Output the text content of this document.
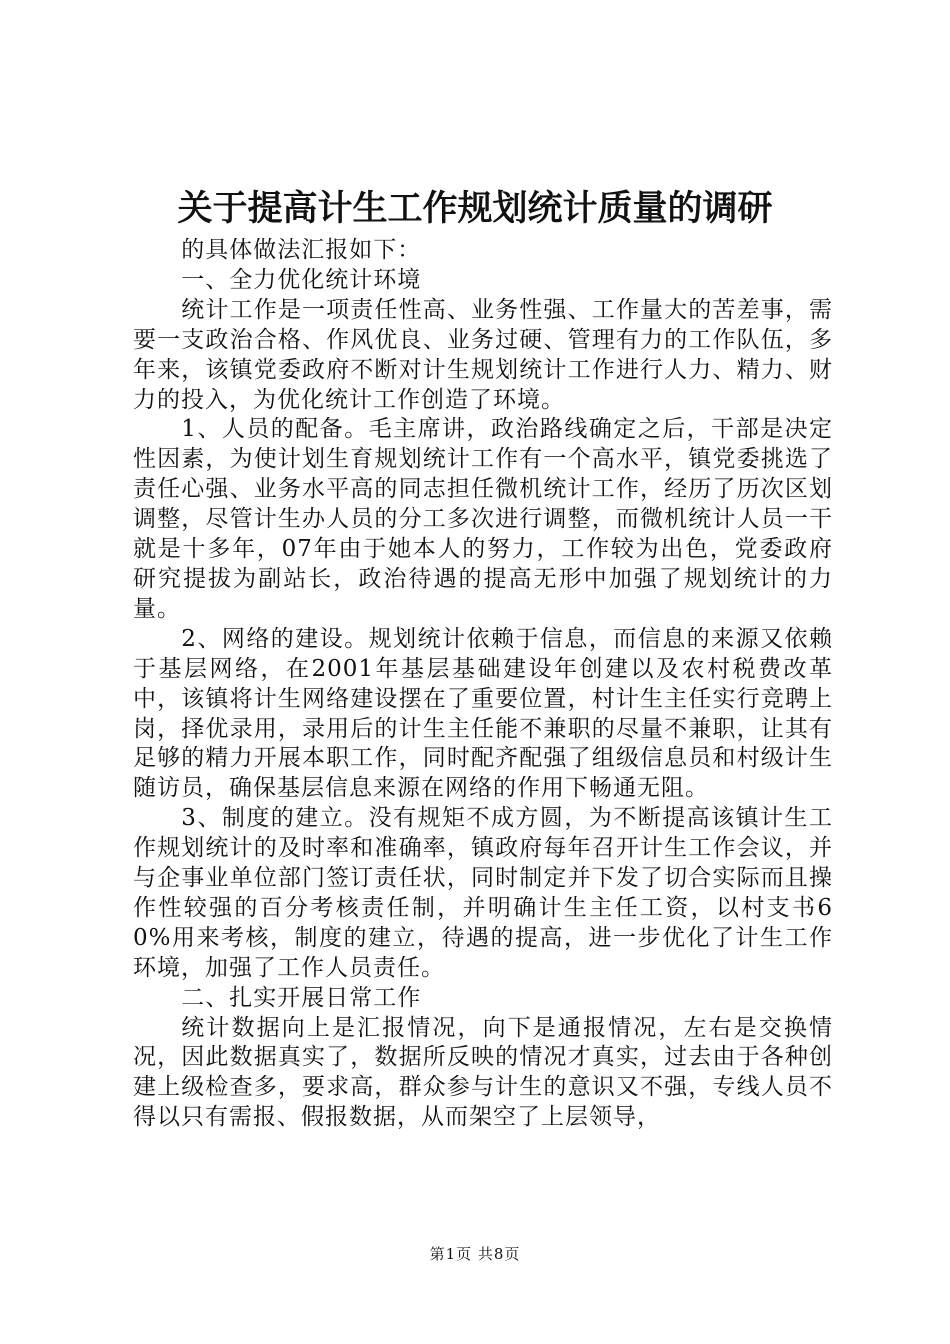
关于提高计生工作规划统计质量的调研

的具体做法汇报如下：

一、全力优化统计环境

统计工作是一项责任性高、业务性强、工作量大的苦差事，需要一支政治合格、作风优良、业务过硬、管理有力的工作队伍，多年来，该镇党委政府不断对计生规划统计工作进行人力、精力、财力的投入，为优化统计工作创造了环境。

1、人员的配备。毛主席讲，政治路线确定之后，干部是决定性因素，为使计划生育规划统计工作有一个高水平，镇党委挑选了责任心强、业务水平高的同志担任微机统计工作，经历了历次区划调整，尽管计生办人员的分工多次进行调整，而微机统计人员一干就是十多年，07年由于她本人的努力，工作较为出色，党委政府研究提拔为副站长，政治待遇的提高无形中加强了规划统计的力量。

2、网络的建设。规划统计依赖于信息，而信息的来源又依赖于基层网络，在2001年基层基础建设年创建以及农村税费改革中，该镇将计生网络建设摆在了重要位置，村计生主任实行竞聘上岗，择优录用，录用后的计生主任能不兼职的尽量不兼职，让其有足够的精力开展本职工作，同时配齐配强了组级信息员和村级计生随访员，确保基层信息来源在网络的作用下畅通无阻。

3、制度的建立。没有规矩不成方圆，为不断提高该镇计生工作规划统计的及时率和准确率，镇政府每年召开计生工作会议，并与企事业单位部门签订责任状，同时制定并下发了切合实际而且操作性较强的百分考核责任制，并明确计生主任工资，以村支书60%用来考核，制度的建立，待遇的提高，进一步优化了计生工作环境，加强了工作人员责任。

二、扎实开展日常工作

统计数据向上是汇报情况，向下是通报情况，左右是交换情况，因此数据真实了，数据所反映的情况才真实，过去由于各种创建上级检查多，要求高，群众参与计生的意识又不强，专线人员不得以只有需报、假报数据，从而架空了上层领导，

第1页 共8页
